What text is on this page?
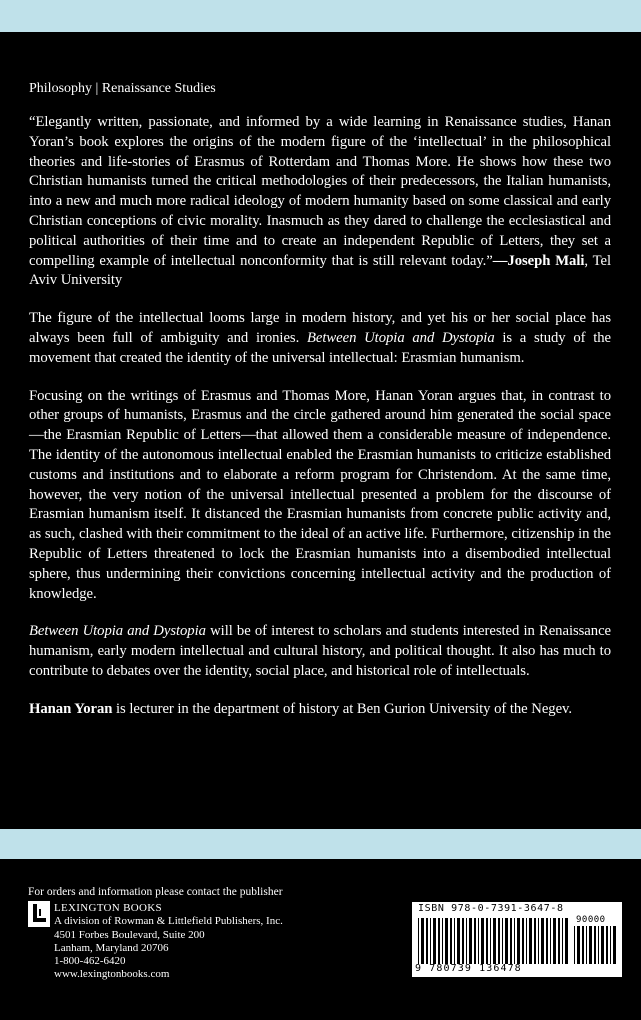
Philosophy | Renaissance Studies

“Elegantly written, passionate, and informed by a wide learning in Renaissance studies, Hanan Yoran’s book explores the origins of the modern figure of the ‘intellectual’ in the philosophical theories and life-stories of Erasmus of Rotterdam and Thomas More. He shows how these two Christian humanists turned the critical methodologies of their predecessors, the Italian humanists, into a new and much more radical ideology of modern humanity based on some classical and early Christian conceptions of civic morality. Inasmuch as they dared to challenge the ecclesiastical and political authorities of their time and to create an independent Republic of Letters, they set a compelling example of intellectual nonconformity that is still relevant today.”—Joseph Mali, Tel Aviv University

The figure of the intellectual looms large in modern history, and yet his or her social place has always been full of ambiguity and ironies. Between Utopia and Dystopia is a study of the movement that created the identity of the universal intellectual: Erasmian humanism.

Focusing on the writings of Erasmus and Thomas More, Hanan Yoran argues that, in contrast to other groups of humanists, Erasmus and the circle gathered around him generated the social space—the Erasmian Republic of Letters—that allowed them a considerable measure of independence. The identity of the autonomous intellectual enabled the Erasmian humanists to criticize established customs and institutions and to elaborate a reform program for Christendom. At the same time, however, the very notion of the universal intellectual presented a problem for the discourse of Erasmian humanism itself. It distanced the Erasmian humanists from concrete public activity and, as such, clashed with their commitment to the ideal of an active life. Furthermore, citizenship in the Republic of Letters threatened to lock the Erasmian humanists into a disembodied intellectual sphere, thus undermining their convictions concerning intellectual activity and the production of knowledge.

Between Utopia and Dystopia will be of interest to scholars and students interested in Renaissance humanism, early modern intellectual and cultural history, and political thought. It also has much to contribute to debates over the identity, social place, and historical role of intellectuals.

Hanan Yoran is lecturer in the department of history at Ben Gurion University of the Negev.

For orders and information please contact the publisher
LEXINGTON BOOKS
A division of Rowman & Littlefield Publishers, Inc.
4501 Forbes Boulevard, Suite 200
Lanham, Maryland 20706
1-800-462-6420
www.lexingtonbooks.com
ISBN 978-0-7391-3647-8
90000
9 780739 136478
